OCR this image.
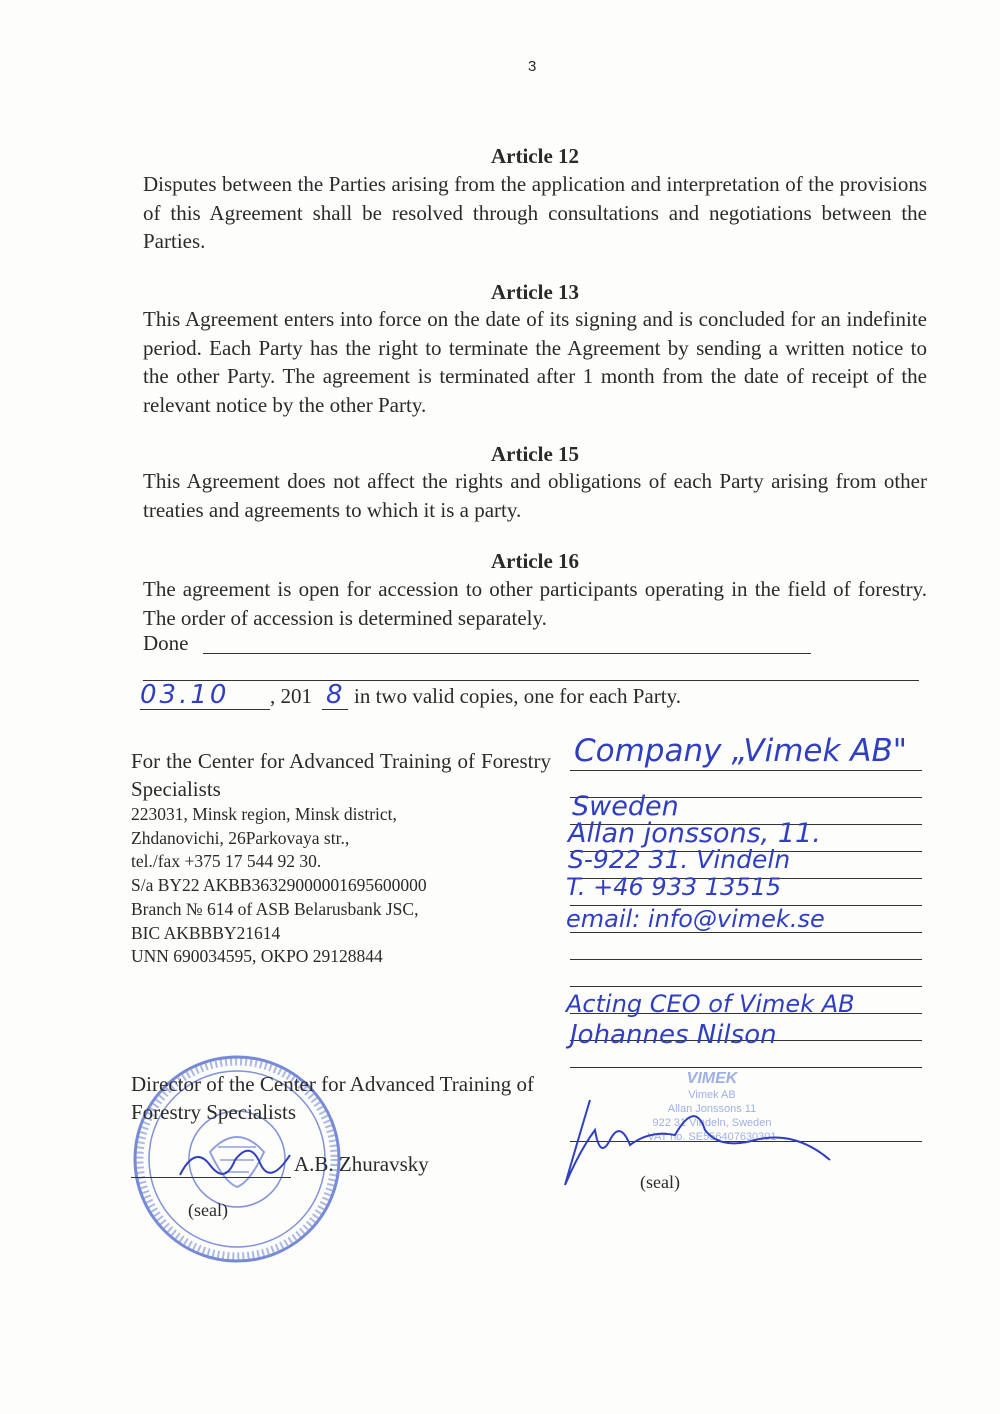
3
Article 12
Disputes between the Parties arising from the application and interpretation of the provisions of this Agreement shall be resolved through consultations and negotiations between the Parties.
Article 13
This Agreement enters into force on the date of its signing and is concluded for an indefinite period. Each Party has the right to terminate the Agreement by sending a written notice to the other Party. The agreement is terminated after 1 month from the date of receipt of the relevant notice by the other Party.
Article 15
This Agreement does not affect the rights and obligations of each Party arising from other treaties and agreements to which it is a party.
Article 16
The agreement is open for accession to other participants operating in the field of forestry. The order of accession is determined separately.
Done
03.10 , 201 8 in two valid copies, one for each Party.
For the Center for Advanced Training of Forestry Specialists
223031, Minsk region, Minsk district,
Zhdanovichi, 26Parkovaya str.,
tel./fax +375 17 544 92 30.
S/a BY22 AKBB36329000001695600000
Branch № 614 of ASB Belarusbank JSC,
BIC AKBBBY21614
UNN 690034595, OKPO 29128844
Director of the Center for Advanced Training of Forestry Specialists
A.B. Zhuravsky
(seal)
Company „Vimek AB"
Sweden
Allan jonssons, 11.
S-922 31. Vindeln
T. +46 933 13515
email: info@vimek.se
Acting CEO of Vimek AB
Johannes Nilson
VIMEK
Vimek AB
Allan Jonssons 11
922 31 Vindeln, Sweden
VAT no. SE556407630301
(seal)
